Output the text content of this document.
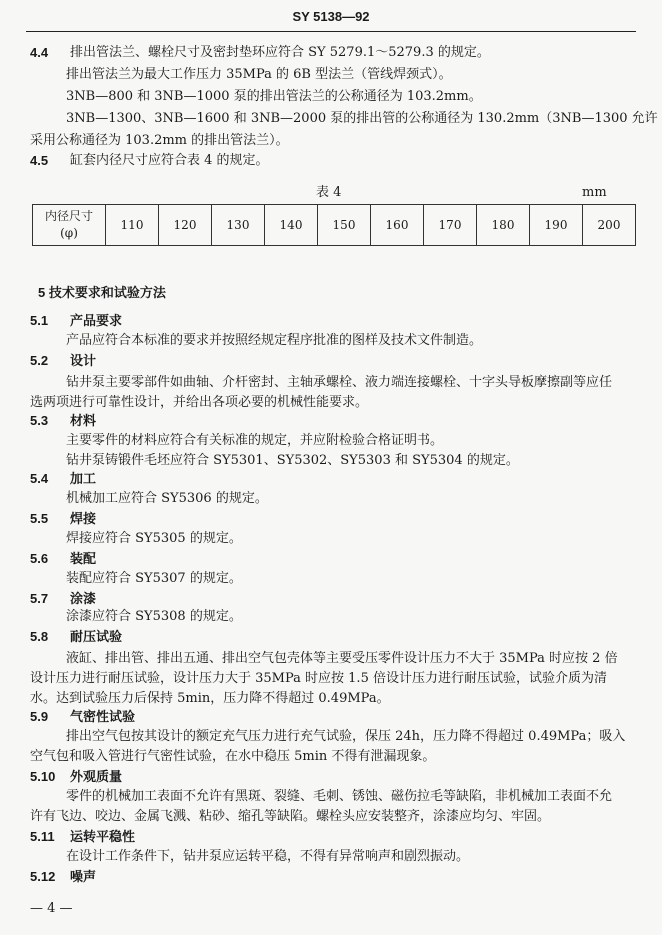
SY 5138—92
4.4 排出管法兰、螺栓尺寸及密封垫环应符合 SY 5279.1～5279.3 的规定。
排出管法兰为最大工作压力 35MPa 的 6B 型法兰（管线焊颈式）。
3NB—800 和 3NB—1000 泵的排出管法兰的公称通径为 103.2mm。
3NB—1300、3NB—1600 和 3NB—2000 泵的排出管的公称通径为 130.2mm（3NB—1300 允许
采用公称通径为 103.2mm 的排出管法兰）。
4.5 缸套内径尺寸应符合表 4 的规定。
表 4	mm
内径尺寸
(φ)
	110	120	130	140	150	160	170	180	190	200
5 技术要求和试验方法
5.1 产品要求
产品应符合本标准的要求并按照经规定程序批准的图样及技术文件制造。
5.2 设计
钻井泵主要零部件如曲轴、介杆密封、主轴承螺栓、液力端连接螺栓、十字头导板摩擦副等应任
选两项进行可靠性设计，并给出各项必要的机械性能要求。
5.3 材料
主要零件的材料应符合有关标准的规定，并应附检验合格证明书。
钻井泵铸锻件毛坯应符合 SY5301、SY5302、SY5303 和 SY5304 的规定。
5.4 加工
机械加工应符合 SY5306 的规定。
5.5 焊接
焊接应符合 SY5305 的规定。
5.6 装配
装配应符合 SY5307 的规定。
5.7 涂漆
涂漆应符合 SY5308 的规定。
5.8 耐压试验
液缸、排出管、排出五通、排出空气包壳体等主要受压零件设计压力不大于 35MPa 时应按 2 倍
设计压力进行耐压试验，设计压力大于 35MPa 时应按 1.5 倍设计压力进行耐压试验，试验介质为清
水。达到试验压力后保持 5min，压力降不得超过 0.49MPa。
5.9 气密性试验
排出空气包按其设计的额定充气压力进行充气试验，保压 24h，压力降不得超过 0.49MPa；吸入
空气包和吸入管进行气密性试验，在水中稳压 5min 不得有泄漏现象。
5.10 外观质量
零件的机械加工表面不允许有黑斑、裂缝、毛刺、锈蚀、磁伤拉毛等缺陷，非机械加工表面不允
许有飞边、咬边、金属飞溅、粘砂、缩孔等缺陷。螺栓头应安装整齐，涂漆应均匀、牢固。
5.11 运转平稳性
在设计工作条件下，钻井泵应运转平稳，不得有异常响声和剧烈振动。
5.12 噪声
— 4 —
